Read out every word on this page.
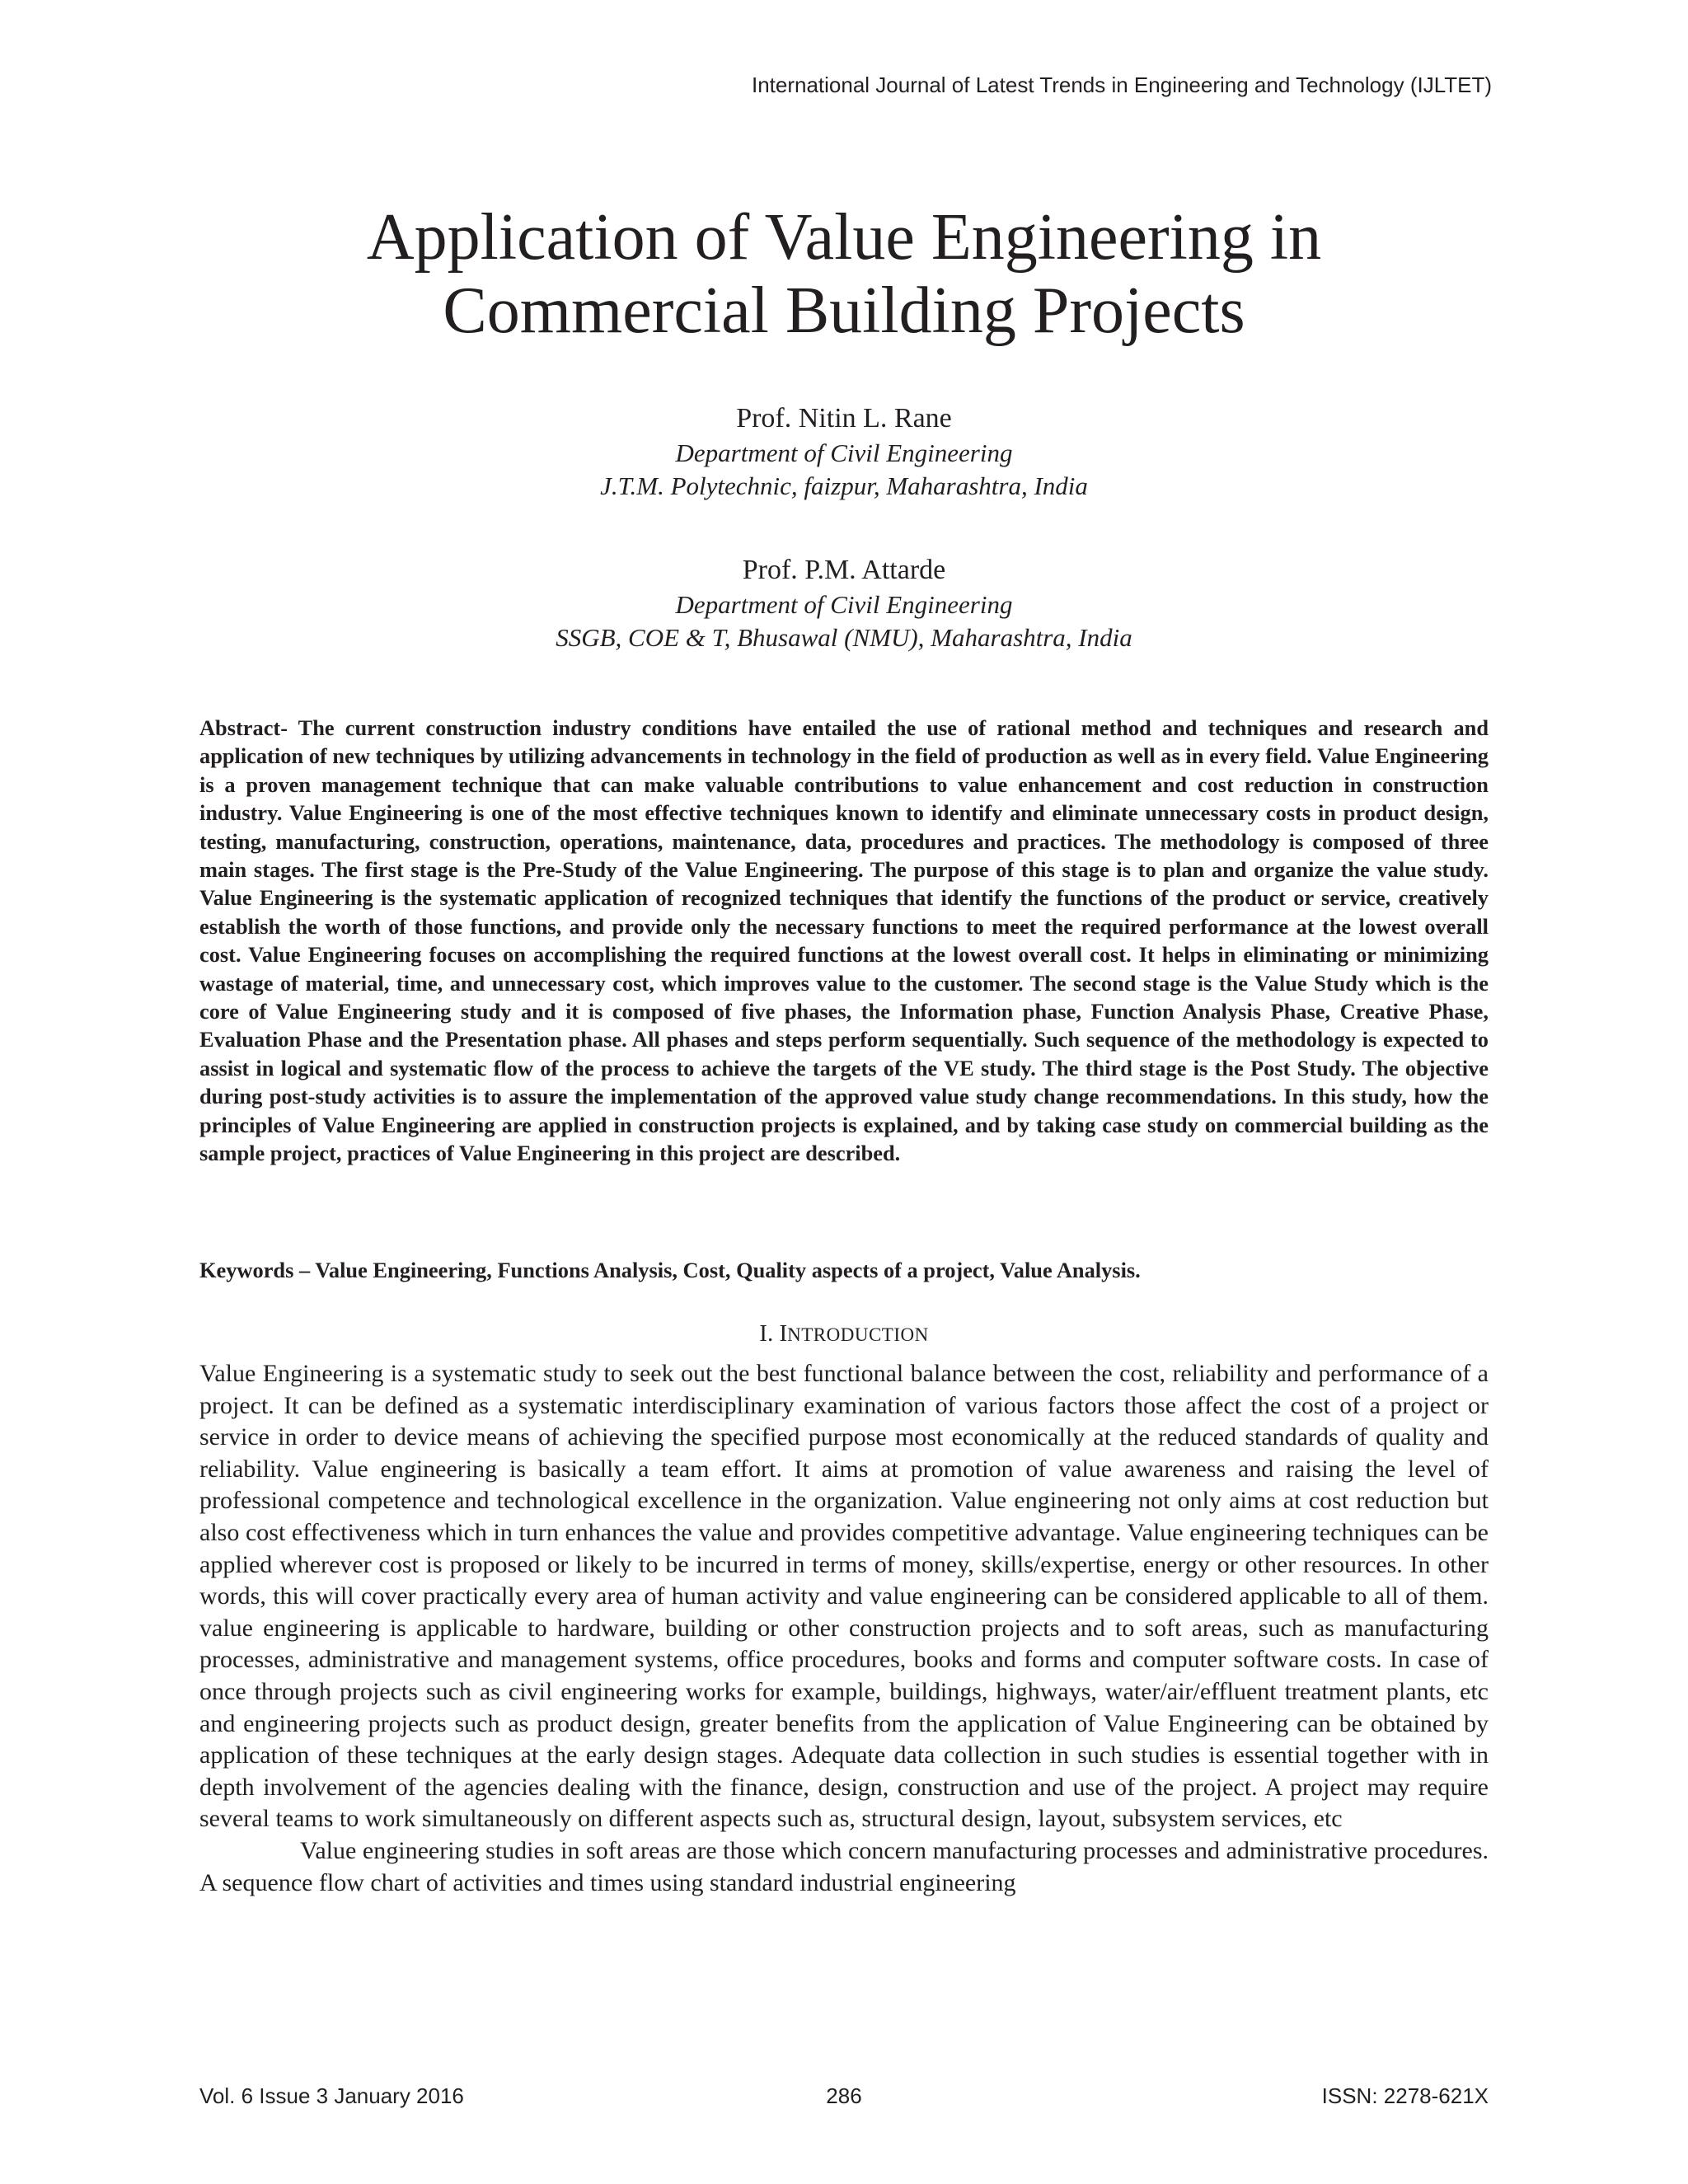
International Journal of Latest Trends in Engineering and Technology (IJLTET)
Application of Value Engineering in
Commercial Building Projects
Prof. Nitin L. Rane
Department of Civil Engineering
J.T.M. Polytechnic, faizpur, Maharashtra, India
Prof. P.M. Attarde
Department of Civil Engineering
SSGB, COE & T, Bhusawal (NMU), Maharashtra, India

Abstract- The current construction industry conditions have entailed the use of rational method and techniques and research and application of new techniques by utilizing advancements in technology in the field of production as well as in every field. Value Engineering is a proven management technique that can make valuable contributions to value enhancement and cost reduction in construction industry. Value Engineering is one of the most effective techniques known to identify and eliminate unnecessary costs in product design, testing, manufacturing, construction, operations, maintenance, data, procedures and practices. The methodology is composed of three main stages. The first stage is the Pre-Study of the Value Engineering. The purpose of this stage is to plan and organize the value study. Value Engineering is the systematic application of recognized techniques that identify the functions of the product or service, creatively establish the worth of those functions, and provide only the necessary functions to meet the required performance at the lowest overall cost. Value Engineering focuses on accomplishing the required functions at the lowest overall cost. It helps in eliminating or minimizing wastage of material, time, and unnecessary cost, which improves value to the customer. The second stage is the Value Study which is the core of Value Engineering study and it is composed of five phases, the Information phase, Function Analysis Phase, Creative Phase, Evaluation Phase and the Presentation phase. All phases and steps perform sequentially. Such sequence of the methodology is expected to assist in logical and systematic flow of the process to achieve the targets of the VE study. The third stage is the Post Study. The objective during post-study activities is to assure the implementation of the approved value study change recommendations. In this study, how the principles of Value Engineering are applied in construction projects is explained, and by taking case study on commercial building as the sample project, practices of Value Engineering in this project are described.

Keywords – Value Engineering, Functions Analysis, Cost, Quality aspects of a project, Value Analysis.

I. INTRODUCTION

Value Engineering is a systematic study to seek out the best functional balance between the cost, reliability and performance of a project. It can be defined as a systematic interdisciplinary examination of various factors those affect the cost of a project or service in order to device means of achieving the specified purpose most economically at the reduced standards of quality and reliability. Value engineering is basically a team effort. It aims at promotion of value awareness and raising the level of professional competence and technological excellence in the organization. Value engineering not only aims at cost reduction but also cost effectiveness which in turn enhances the value and provides competitive advantage. Value engineering techniques can be applied wherever cost is proposed or likely to be incurred in terms of money, skills/expertise, energy or other resources. In other words, this will cover practically every area of human activity and value engineering can be considered applicable to all of them. value engineering is applicable to hardware, building or other construction projects and to soft areas, such as manufacturing processes, administrative and management systems, office procedures, books and forms and computer software costs. In case of once through projects such as civil engineering works for example, buildings, highways, water/air/effluent treatment plants, etc and engineering projects such as product design, greater benefits from the application of Value Engineering can be obtained by application of these techniques at the early design stages. Adequate data collection in such studies is essential together with in depth involvement of the agencies dealing with the finance, design, construction and use of the project. A project may require several teams to work simultaneously on different aspects such as, structural design, layout, subsystem services, etc

Value engineering studies in soft areas are those which concern manufacturing processes and administrative procedures. A sequence flow chart of activities and times using standard industrial engineering

Vol. 6 Issue 3 January 2016	286	ISSN: 2278-621X
